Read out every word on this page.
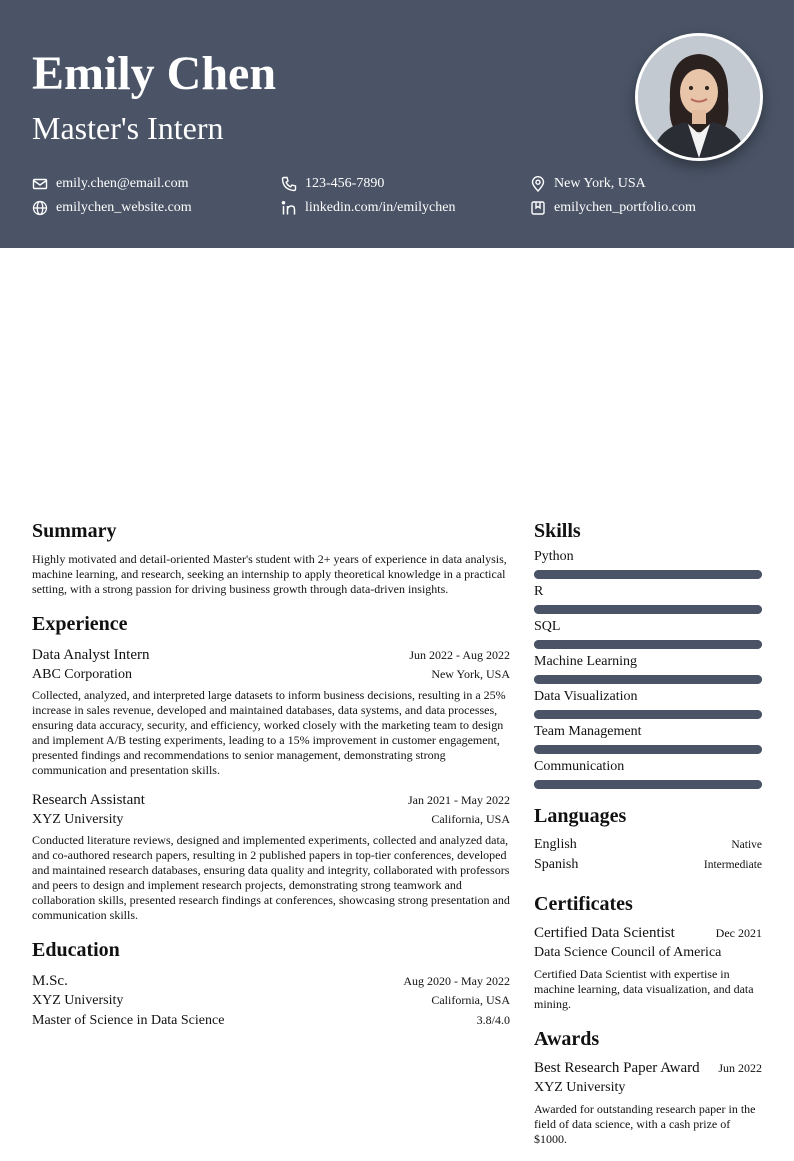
Emily Chen
Master's Intern
emily.chen@email.com	123-456-7890	New York, USA
emilychen_website.com	linkedin.com/in/emilychen	emilychen_portfolio.com
Summary

Highly motivated and detail-oriented Master's student with 2+ years of experience in data analysis, machine learning, and research, seeking an internship to apply theoretical knowledge in a practical setting, with a strong passion for driving business growth through data-driven insights.

Experience
Data Analyst Intern	Jun 2022 - Aug 2022
ABC Corporation	New York, USA

Collected, analyzed, and interpreted large datasets to inform business decisions, resulting in a 25% increase in sales revenue, developed and maintained databases, data systems, and data processes, ensuring data accuracy, security, and efficiency, worked closely with the marketing team to design and implement A/B testing experiments, leading to a 15% improvement in customer engagement, presented findings and recommendations to senior management, demonstrating strong communication and presentation skills.

Research Assistant	Jan 2021 - May 2022
XYZ University	California, USA

Conducted literature reviews, designed and implemented experiments, collected and analyzed data, and co-authored research papers, resulting in 2 published papers in top-tier conferences, developed and maintained research databases, ensuring data quality and integrity, collaborated with professors and peers to design and implement research projects, demonstrating strong teamwork and collaboration skills, presented research findings at conferences, showcasing strong presentation and communication skills.

Education
M.Sc.	Aug 2020 - May 2022
XYZ University	California, USA
Master of Science in Data Science	3.8/4.0
Skills
Python
R
SQL
Machine Learning
Data Visualization
Team Management
Communication
Languages
English	Native
Spanish	Intermediate
Certificates
Certified Data Scientist	Dec 2021
Data Science Council of America

Certified Data Scientist with expertise in machine learning, data visualization, and data mining.

Awards
Best Research Paper Award Jun 2022
XYZ University

Awarded for outstanding research paper in the field of data science, with a cash prize of $1000.
